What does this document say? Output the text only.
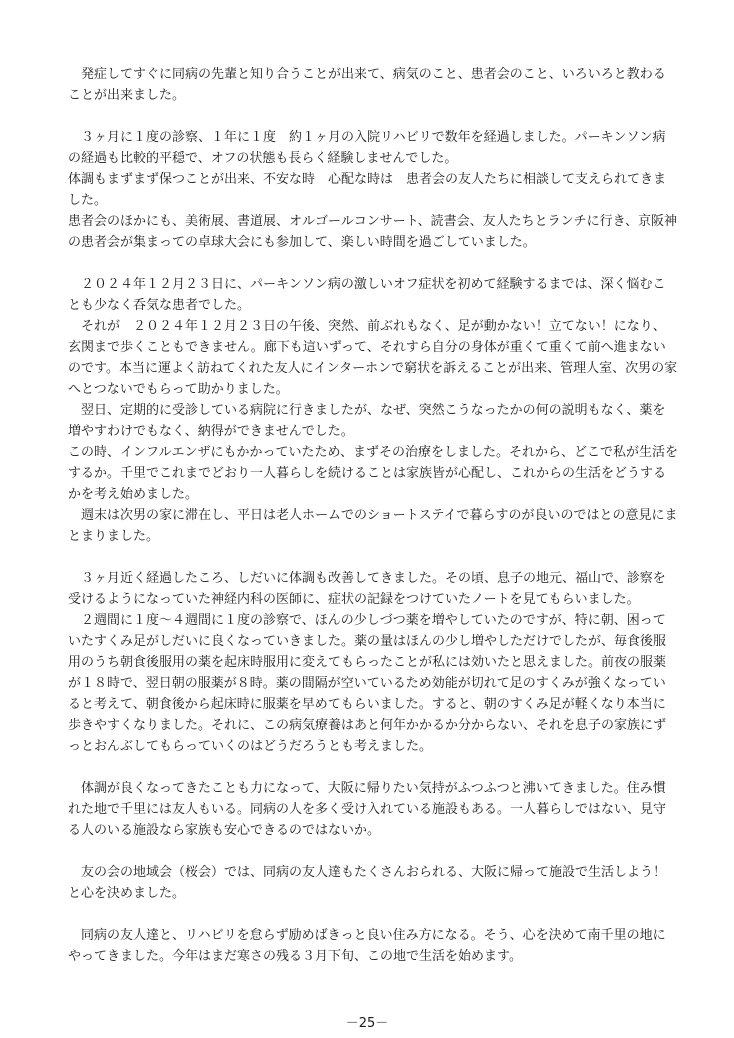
　発症してすぐに同病の先輩と知り合うことが出来て、病気のこと、患者会のこと、いろいろと教わることが出来ました。

　３ヶ月に１度の診察、１年に１度　約１ヶ月の入院リハビリで数年を経過しました。パーキンソン病の経過も比較的平穏で、オフの状態も長らく経験しませんでした。

体調もまずまず保つことが出来、不安な時　心配な時は　患者会の友人たちに相談して支えられてきました。

患者会のほかにも、美術展、書道展、オルゴールコンサート、読書会、友人たちとランチに行き、京阪神の患者会が集まっての卓球大会にも参加して、楽しい時間を過ごしていました。

　２０２４年１２月２３日に、パーキンソン病の激しいオフ症状を初めて経験するまでは、深く悩むことも少なく呑気な患者でした。

　それが　２０２４年１２月２３日の午後、突然、前ぶれもなく、足が動かない！立てない！になり、玄関まで歩くこともできません。廊下も這いずって、それすら自分の身体が重くて重くて前へ進まないのです。本当に運よく訪ねてくれた友人にインターホンで窮状を訴えることが出来、管理人室、次男の家へとつないでもらって助かりました。

　翌日、定期的に受診している病院に行きましたが、なぜ、突然こうなったかの何の説明もなく、薬を増やすわけでもなく、納得ができませんでした。

この時、インフルエンザにもかかっていたため、まずその治療をしました。それから、どこで私が生活をするか。千里でこれまでどおり一人暮らしを続けることは家族皆が心配し、これからの生活をどうするかを考え始めました。

　週末は次男の家に滞在し、平日は老人ホームでのショートステイで暮らすのが良いのではとの意見にまとまりました。

　３ヶ月近く経過したころ、しだいに体調も改善してきました。その頃、息子の地元、福山で、診察を受けるようになっていた神経内科の医師に、症状の記録をつけていたノートを見てもらいました。

　２週間に１度～４週間に１度の診察で、ほんの少しづつ薬を増やしていたのですが、特に朝、困っていたすくみ足がしだいに良くなっていきました。薬の量はほんの少し増やしただけでしたが、毎食後服用のうち朝食後服用の薬を起床時服用に変えてもらったことが私には効いたと思えました。前夜の服薬が１８時で、翌日朝の服薬が８時。薬の間隔が空いているため効能が切れて足のすくみが強くなっていると考えて、朝食後から起床時に服薬を早めてもらいました。すると、朝のすくみ足が軽くなり本当に歩きやすくなりました。それに、この病気療養はあと何年かかるか分からない、それを息子の家族にずっとおんぶしてもらっていくのはどうだろうとも考えました。

　体調が良くなってきたことも力になって、大阪に帰りたい気持がふつふつと沸いてきました。住み慣れた地で千里には友人もいる。同病の人を多く受け入れている施設もある。一人暮らしではない、見守る人のいる施設なら家族も安心できるのではないか。

　友の会の地域会（桜会）では、同病の友人達もたくさんおられる、大阪に帰って施設で生活しよう！　と心を決めました。

　同病の友人達と、リハビリを怠らず励めばきっと良い住み方になる。そう、心を決めて南千里の地にやってきました。今年はまだ寒さの残る３月下旬、この地で生活を始めます。

－25－
